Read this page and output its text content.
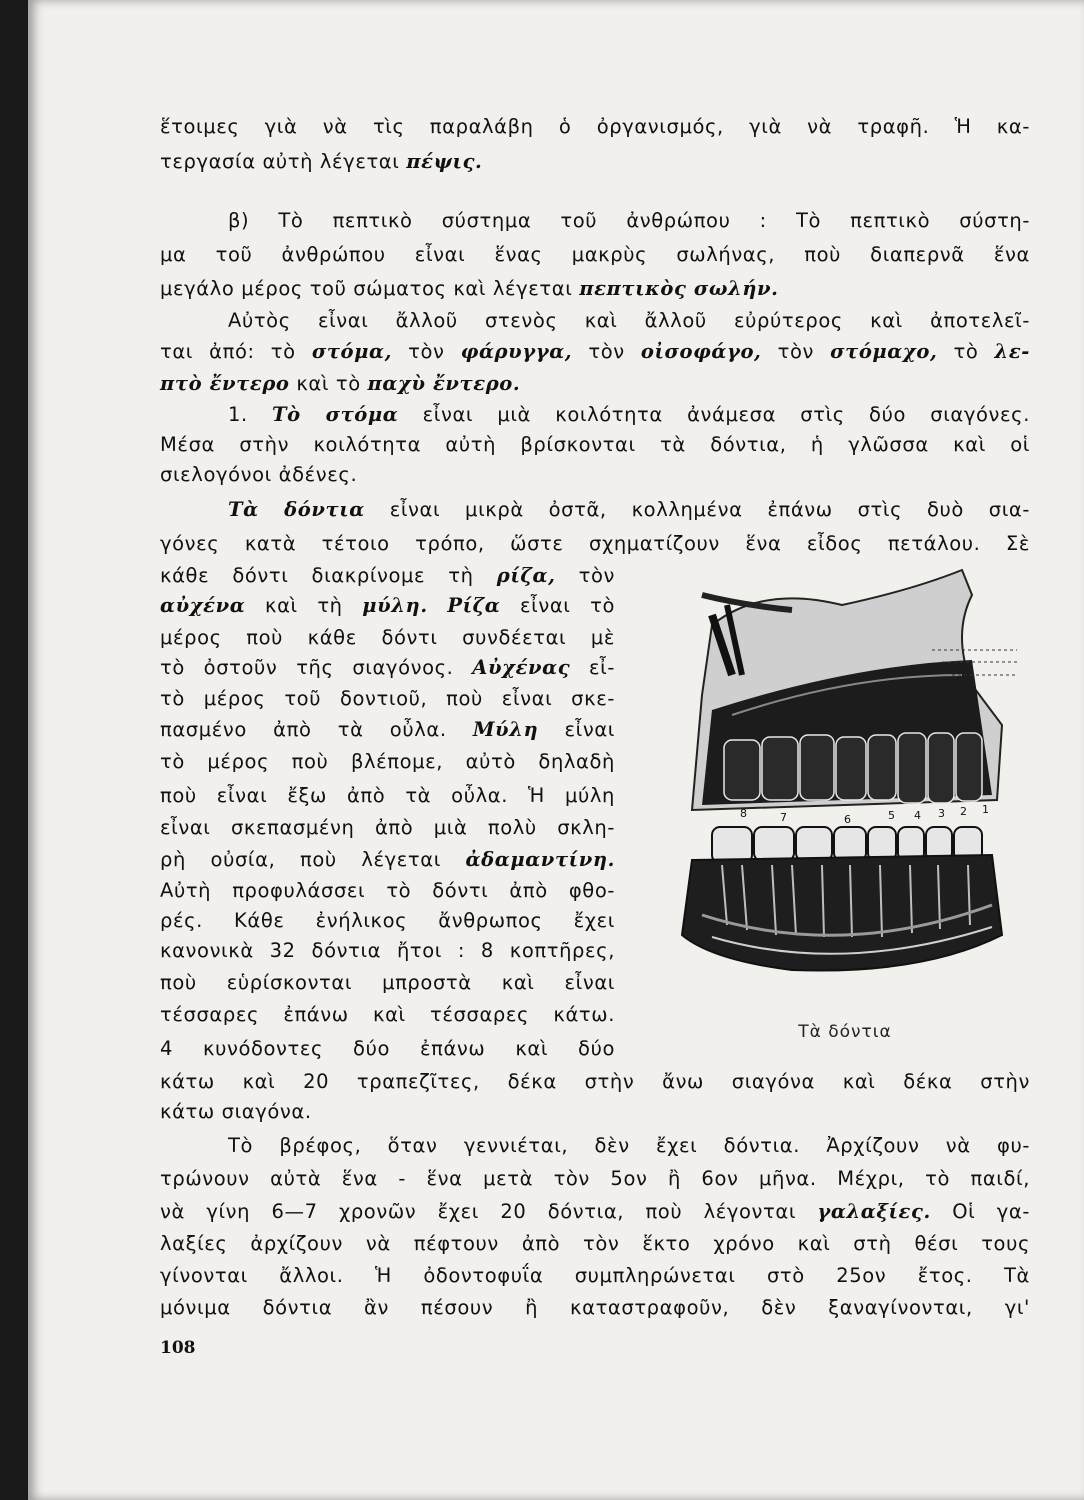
ἕτοιμες γιὰ νὰ τὶς παραλάβη ὁ ὀργανισμός, γιὰ νὰ τραφῆ. Ἡ κα-
τεργασία αὐτὴ λέγεται πέψις.
β) Τὸ πεπτικὸ σύστημα τοῦ ἀνθρώπου : Τὸ πεπτικὸ σύστη-
μα τοῦ ἀνθρώπου εἶναι ἕνας μακρὺς σωλήνας, ποὺ διαπερνᾶ ἕνα
μεγάλο μέρος τοῦ σώματος καὶ λέγεται πεπτικὸς σωλήν.
Αὐτὸς εἶναι ἄλλοῦ στενὸς καὶ ἄλλοῦ εὐρύτερος καὶ ἀποτελεῖ-
ται ἀπό: τὸ στόμα, τὸν φάρυγγα, τὸν οἰσοφάγο, τὸν στόμαχο, τὸ λε-
πτὸ ἔντερο καὶ τὸ παχὺ ἔντερο.
1. Τὸ στόμα εἶναι μιὰ κοιλότητα ἀνάμεσα στὶς δύο σιαγόνες.
Μέσα στὴν κοιλότητα αὐτὴ βρίσκονται τὰ δόντια, ἡ γλῶσσα καὶ οἱ
σιελογόνοι ἀδένες.
Τὰ δόντια εἶναι μικρὰ ὀστᾶ, κολλημένα ἐπάνω στὶς δυὸ σια-
γόνες κατὰ τέτοιο τρόπο, ὥστε σχηματίζουν ἕνα εἶδος πετάλου. Σὲ
κάθε δόντι διακρίνομε τὴ ρίζα, τὸν
αὐχένα καὶ τὴ μύλη. Ρίζα εἶναι τὸ
μέρος ποὺ κάθε δόντι συνδέεται μὲ
τὸ ὀστοῦν τῆς σιαγόνος. Αὐχένας εἶ-
τὸ μέρος τοῦ δοντιοῦ, ποὺ εἶναι σκε-
πασμένο ἀπὸ τὰ οὖλα. Μύλη εἶναι
τὸ μέρος ποὺ βλέπομε, αὐτὸ δηλαδὴ
ποὺ εἶναι ἔξω ἀπὸ τὰ οὖλα. Ἡ μύλη
εἶναι σκεπασμένη ἀπὸ μιὰ πολὺ σκλη-
ρὴ οὐσία, ποὺ λέγεται ἀδαμαντίνη.
Αὐτὴ προφυλάσσει τὸ δόντι ἀπὸ φθο-
ρές. Κάθε ἐνήλικος ἄνθρωπος ἔχει
κανονικὰ 32 δόντια ἤτοι : 8 κοπτῆρες,
ποὺ εὑρίσκονται μπροστὰ καὶ εἶναι
τέσσαρες ἐπάνω καὶ τέσσαρες κάτω.
4 κυνόδοντες δύο ἐπάνω καὶ δύο
κάτω καὶ 20 τραπεζῖτες, δέκα στὴν ἄνω σιαγόνα καὶ δέκα στὴν
κάτω σιαγόνα.
Τὸ βρέφος, ὅταν γεννιέται, δὲν ἔχει δόντια. Ἀρχίζουν νὰ φυ-
τρώνουν αὐτὰ ἕνα - ἕνα μετὰ τὸν 5ον ἢ 6ον μῆνα. Μέχρι, τὸ παιδί,
νὰ γίνη 6—7 χρονῶν ἔχει 20 δόντια, ποὺ λέγονται γαλαξίες. Οἱ γα-
λαξίες ἀρχίζουν νὰ πέφτουν ἀπὸ τὸν ἕκτο χρόνο καὶ στὴ θέσι τους
γίνονται ἄλλοι. Ἡ ὀδοντοφυΐα συμπληρώνεται στὸ 25ον ἔτος. Τὰ
μόνιμα δόντια ἂν πέσουν ἢ καταστραφοῦν, δὲν ξαναγίνονται, γι'
8	7	6	5 4 3 2 1
Τὰ δόντια
108
